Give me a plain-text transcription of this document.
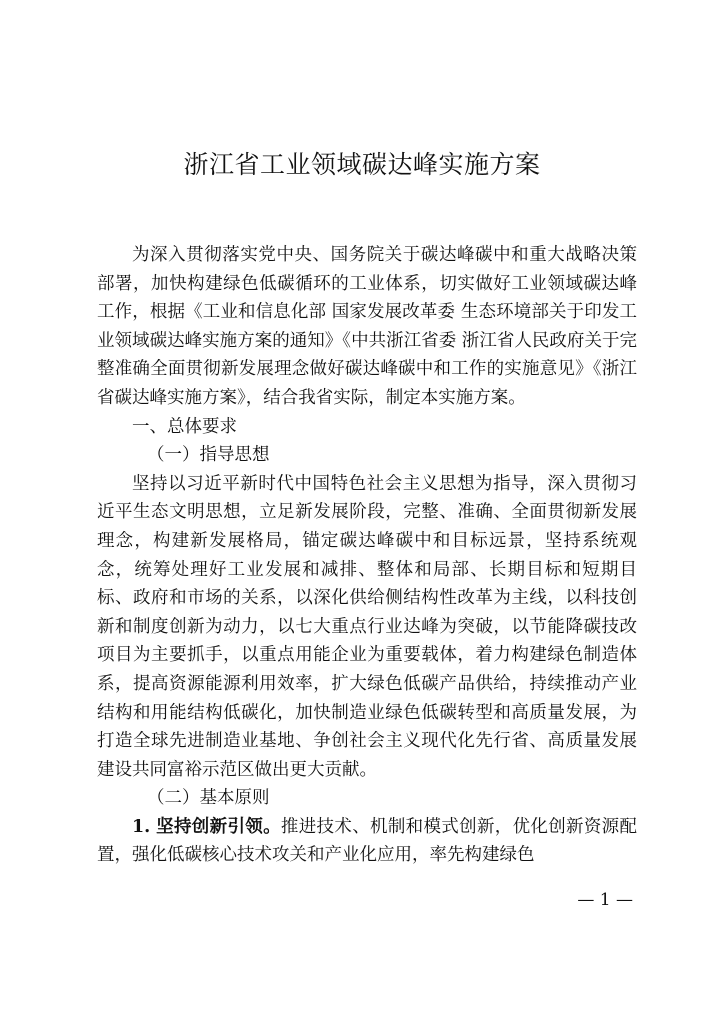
浙江省工业领域碳达峰实施方案

为深入贯彻落实党中央、国务院关于碳达峰碳中和重大战略决策部署，加快构建绿色低碳循环的工业体系，切实做好工业领域碳达峰工作，根据《工业和信息化部 国家发展改革委 生态环境部关于印发工业领域碳达峰实施方案的通知》《中共浙江省委 浙江省人民政府关于完整准确全面贯彻新发展理念做好碳达峰碳中和工作的实施意见》《浙江省碳达峰实施方案》，结合我省实际，制定本实施方案。

一、总体要求

（一）指导思想

坚持以习近平新时代中国特色社会主义思想为指导，深入贯彻习近平生态文明思想，立足新发展阶段，完整、准确、全面贯彻新发展理念，构建新发展格局，锚定碳达峰碳中和目标远景，坚持系统观念，统筹处理好工业发展和减排、整体和局部、长期目标和短期目标、政府和市场的关系，以深化供给侧结构性改革为主线，以科技创新和制度创新为动力，以七大重点行业达峰为突破，以节能降碳技改项目为主要抓手，以重点用能企业为重要载体，着力构建绿色制造体系，提高资源能源利用效率，扩大绿色低碳产品供给，持续推动产业结构和用能结构低碳化，加快制造业绿色低碳转型和高质量发展，为打造全球先进制造业基地、争创社会主义现代化先行省、高质量发展建设共同富裕示范区做出更大贡献。

（二）基本原则

1. 坚持创新引领。推进技术、机制和模式创新，优化创新资源配置，强化低碳核心技术攻关和产业化应用，率先构建绿色

— 1 —
